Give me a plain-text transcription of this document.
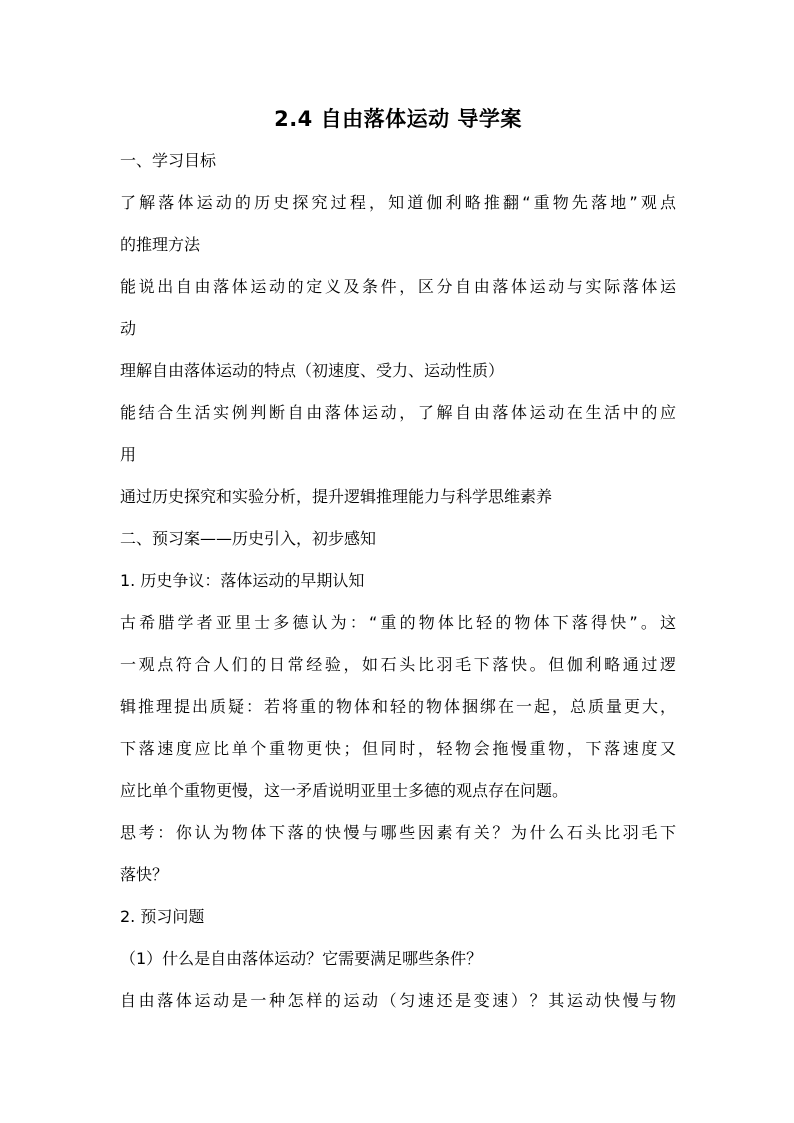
2.4 自由落体运动 导学案

一、学习目标

了解落体运动的历史探究过程，知道伽利略推翻“重物先落地”观点

的推理方法

能说出自由落体运动的定义及条件，区分自由落体运动与实际落体运

动

理解自由落体运动的特点（初速度、受力、运动性质）

能结合生活实例判断自由落体运动，了解自由落体运动在生活中的应

用

通过历史探究和实验分析，提升逻辑推理能力与科学思维素养

二、预习案——历史引入，初步感知

1. 历史争议：落体运动的早期认知

古希腊学者亚里士多德认为：“重的物体比轻的物体下落得快”。这

一观点符合人们的日常经验，如石头比羽毛下落快。但伽利略通过逻

辑推理提出质疑：若将重的物体和轻的物体捆绑在一起，总质量更大，

下落速度应比单个重物更快；但同时，轻物会拖慢重物，下落速度又

应比单个重物更慢，这一矛盾说明亚里士多德的观点存在问题。

思考：你认为物体下落的快慢与哪些因素有关？为什么石头比羽毛下

落快？

2. 预习问题

（1）什么是自由落体运动？它需要满足哪些条件？

自由落体运动是一种怎样的运动（匀速还是变速）？其运动快慢与物
